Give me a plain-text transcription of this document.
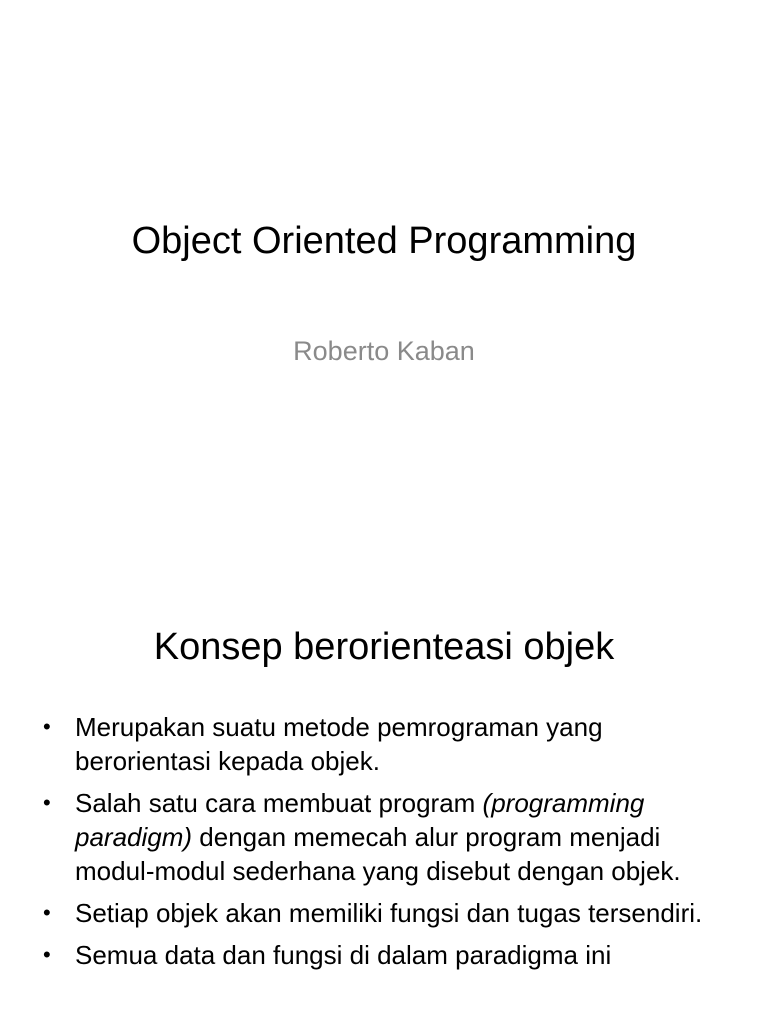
Object Oriented Programming
Roberto Kaban
Konsep berorienteasi objek
• Merupakan suatu metode pemrograman yang berorientasi kepada objek.
• Salah satu cara membuat program (programming paradigm) dengan memecah alur program menjadi modul-modul sederhana yang disebut dengan objek.
• Setiap objek akan memiliki fungsi dan tugas tersendiri.
• Semua data dan fungsi di dalam paradigma ini
